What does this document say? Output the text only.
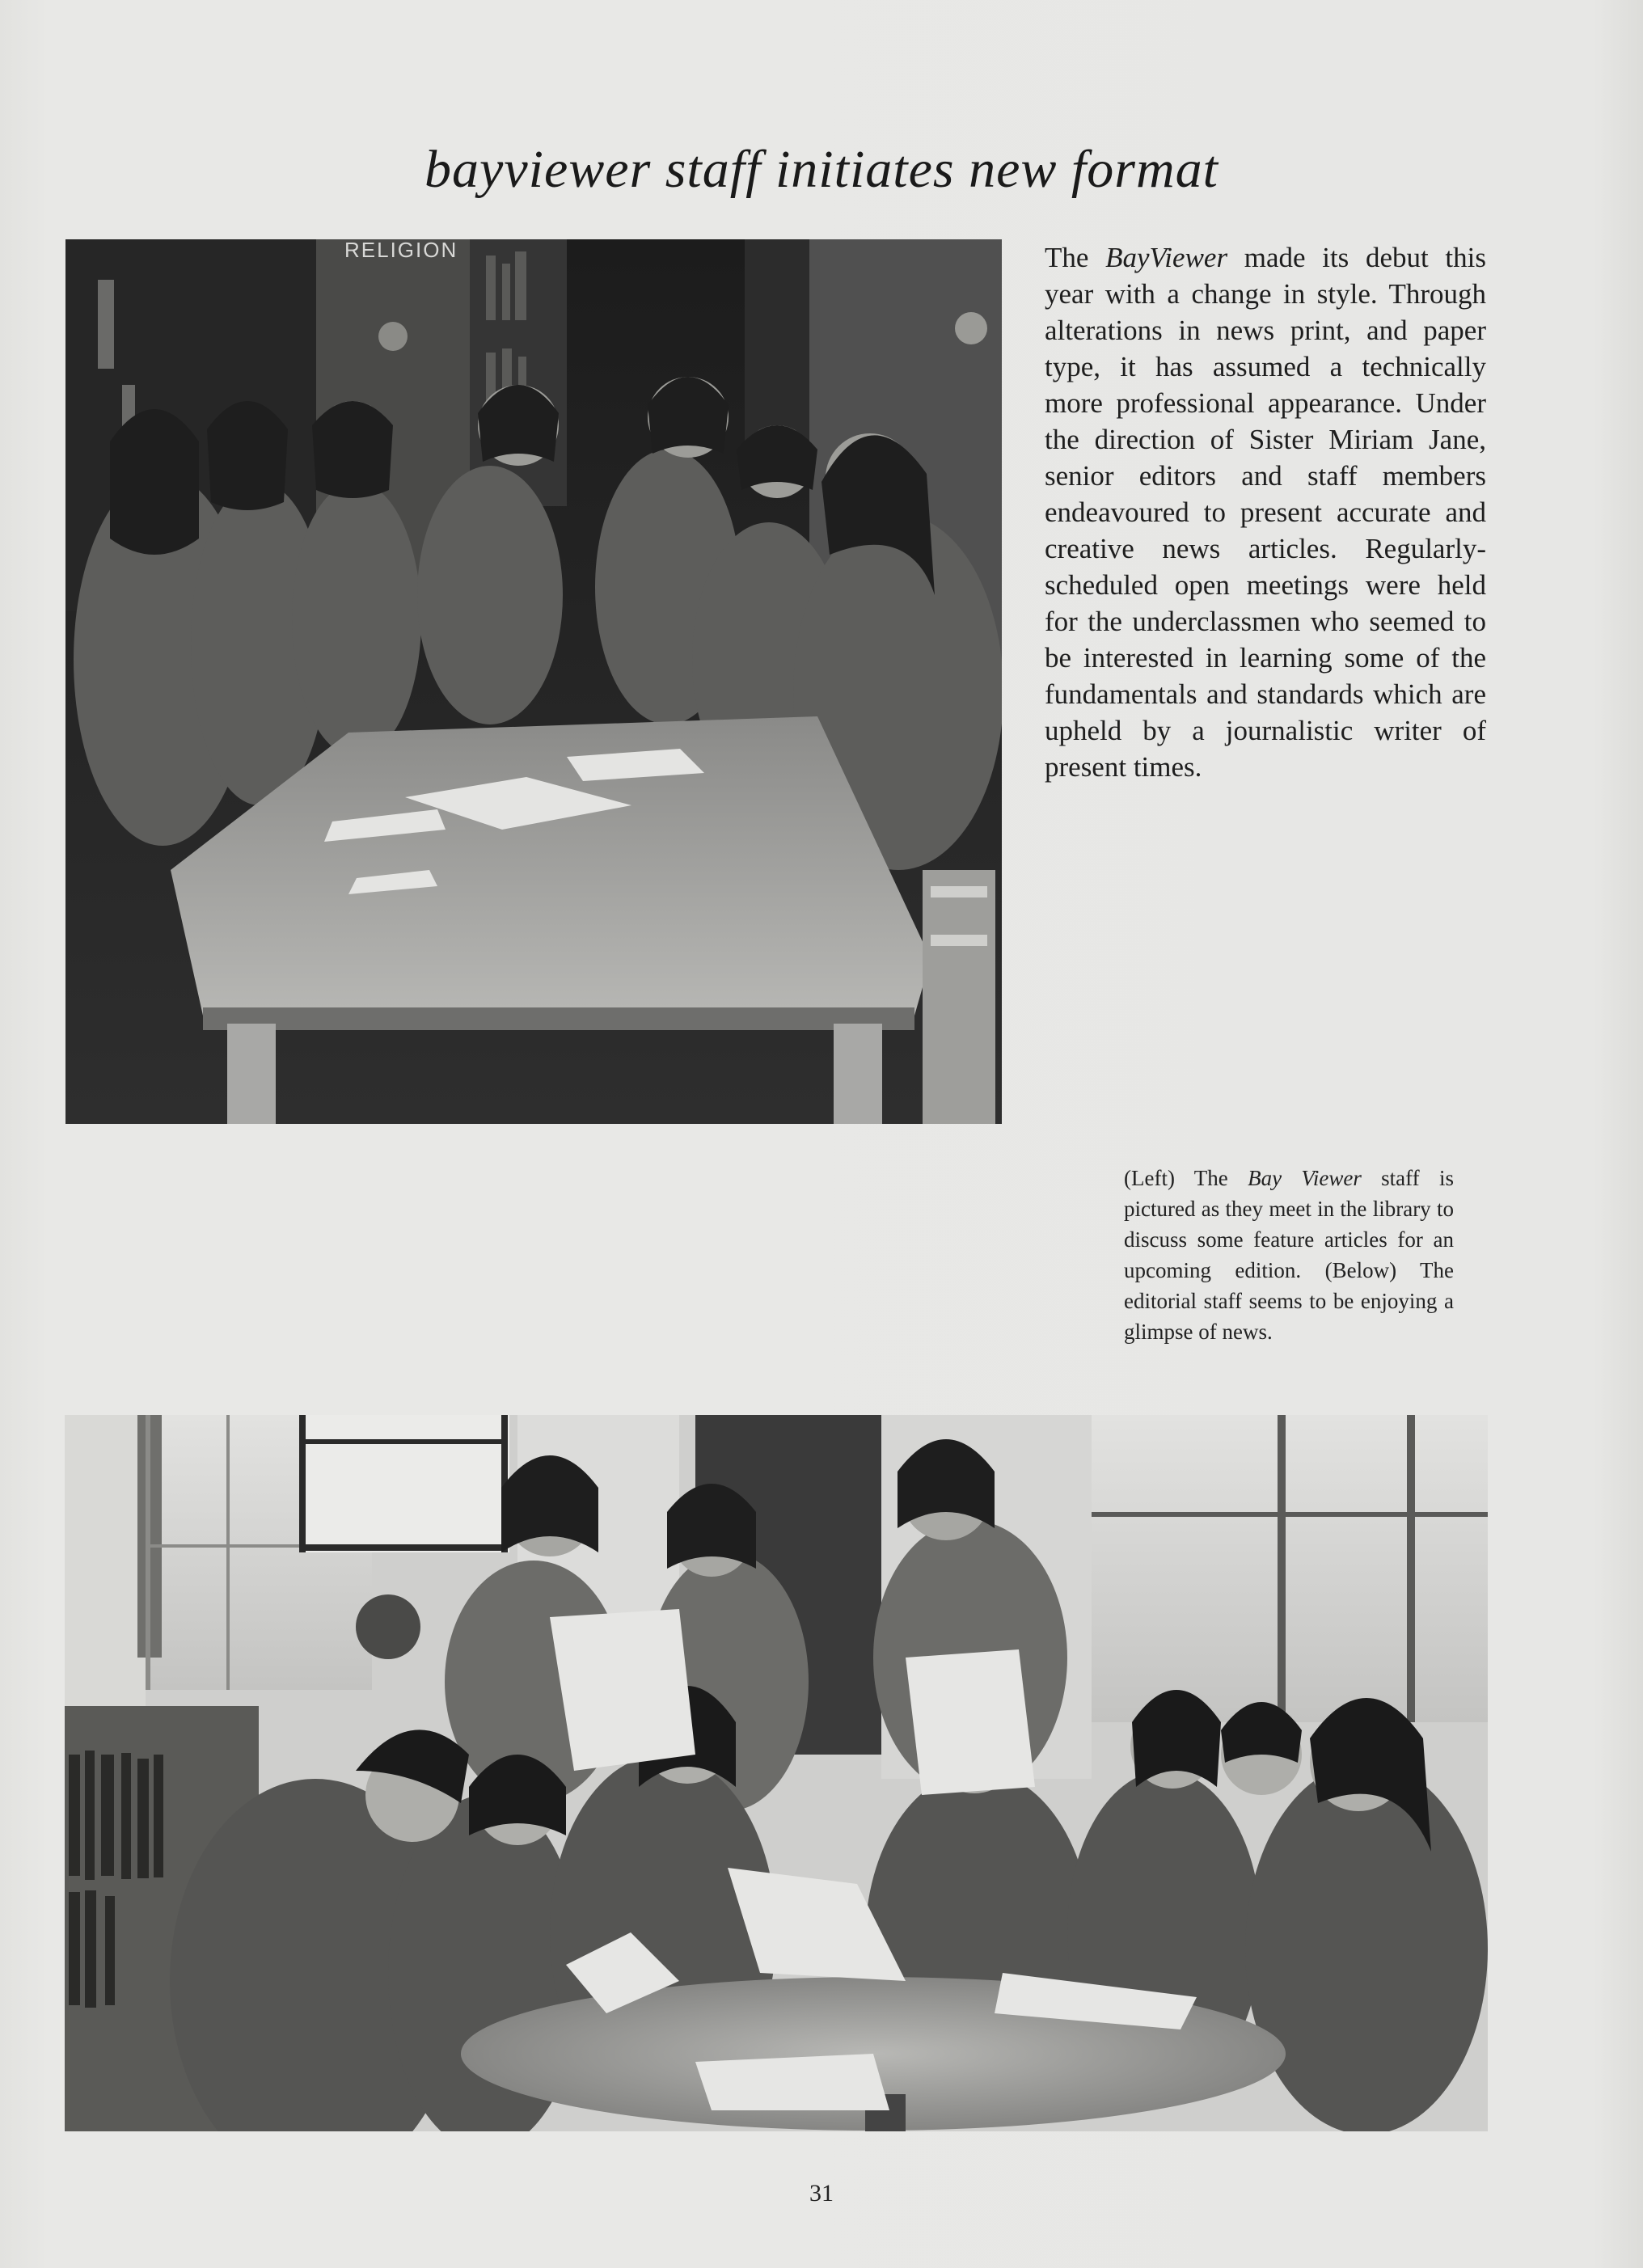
bayviewer staff initiates new format
RELIGION	The BayViewer made its debut this year with a change in style. Through alterations in news print, and paper type, it has assumed a technically more professional appearance. Under the direction of Sister Miriam Jane, senior editors and staff members endeavoured to present accurate and creative news articles. Regularly-scheduled open meetings were held for the underclassmen who seemed to be interested in learning some of the fundamentals and standards which are upheld by a journalistic writer of present times.
(Left) The Bay Viewer staff is pictured as they meet in the library to discuss some feature articles for an upcoming edition. (Below) The editorial staff seems to be enjoying a glimpse of news.
31
